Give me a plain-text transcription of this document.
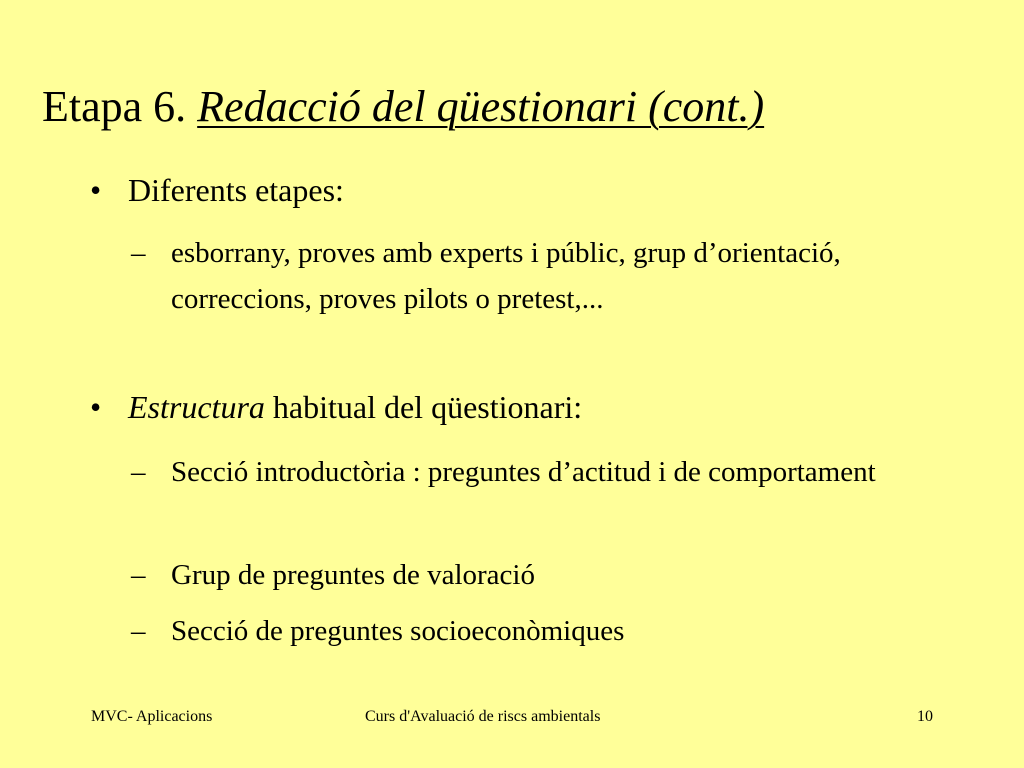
Etapa 6. Redacció del qüestionari (cont.)
• Diferents etapes:
– esborrany, proves amb experts i públic, grup d’orientació, correccions, proves pilots o pretest,...
• Estructura habitual del qüestionari:
– Secció introductòria : preguntes d’actitud i de comportament
– Grup de preguntes de valoració
– Secció de preguntes socioeconòmiques
MVC- Aplicacions	Curs d'Avaluació de riscs ambientals	10
